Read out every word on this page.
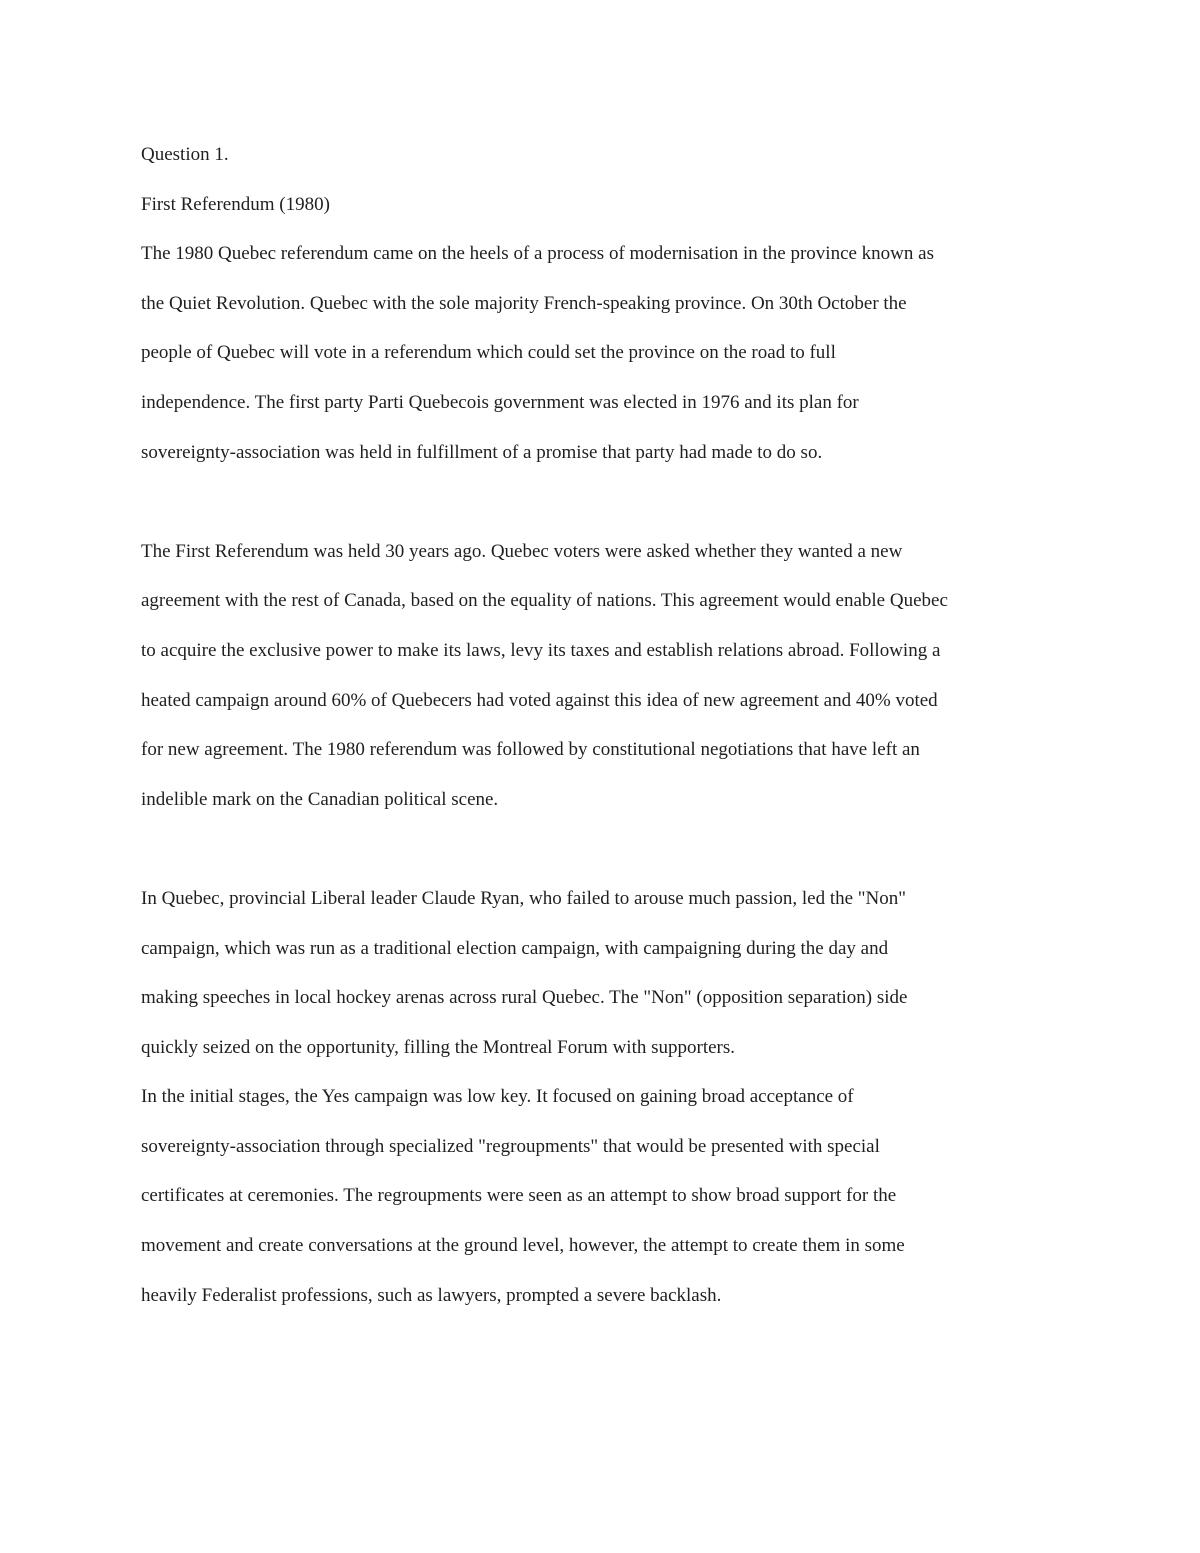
Question 1.
First Referendum (1980)
The 1980 Quebec referendum came on the heels of a process of modernisation in the province known as
the Quiet Revolution. Quebec with the sole majority French-speaking province. On 30th October the
people of Quebec will vote in a referendum which could set the province on the road to full
independence. The first party Parti Quebecois government was elected in 1976 and its plan for
sovereignty-association was held in fulfillment of a promise that party had made to do so.
The First Referendum was held 30 years ago. Quebec voters were asked whether they wanted a new
agreement with the rest of Canada, based on the equality of nations. This agreement would enable Quebec
to acquire the exclusive power to make its laws, levy its taxes and establish relations abroad. Following a
heated campaign around 60% of Quebecers had voted against this idea of new agreement and 40% voted
for new agreement. The 1980 referendum was followed by constitutional negotiations that have left an
indelible mark on the Canadian political scene.
In Quebec, provincial Liberal leader Claude Ryan, who failed to arouse much passion, led the "Non"
campaign, which was run as a traditional election campaign, with campaigning during the day and
making speeches in local hockey arenas across rural Quebec. The "Non" (opposition separation) side
quickly seized on the opportunity, filling the Montreal Forum with supporters.
In the initial stages, the Yes campaign was low key. It focused on gaining broad acceptance of
sovereignty-association through specialized "regroupments" that would be presented with special
certificates at ceremonies. The regroupments were seen as an attempt to show broad support for the
movement and create conversations at the ground level, however, the attempt to create them in some
heavily Federalist professions, such as lawyers, prompted a severe backlash.
